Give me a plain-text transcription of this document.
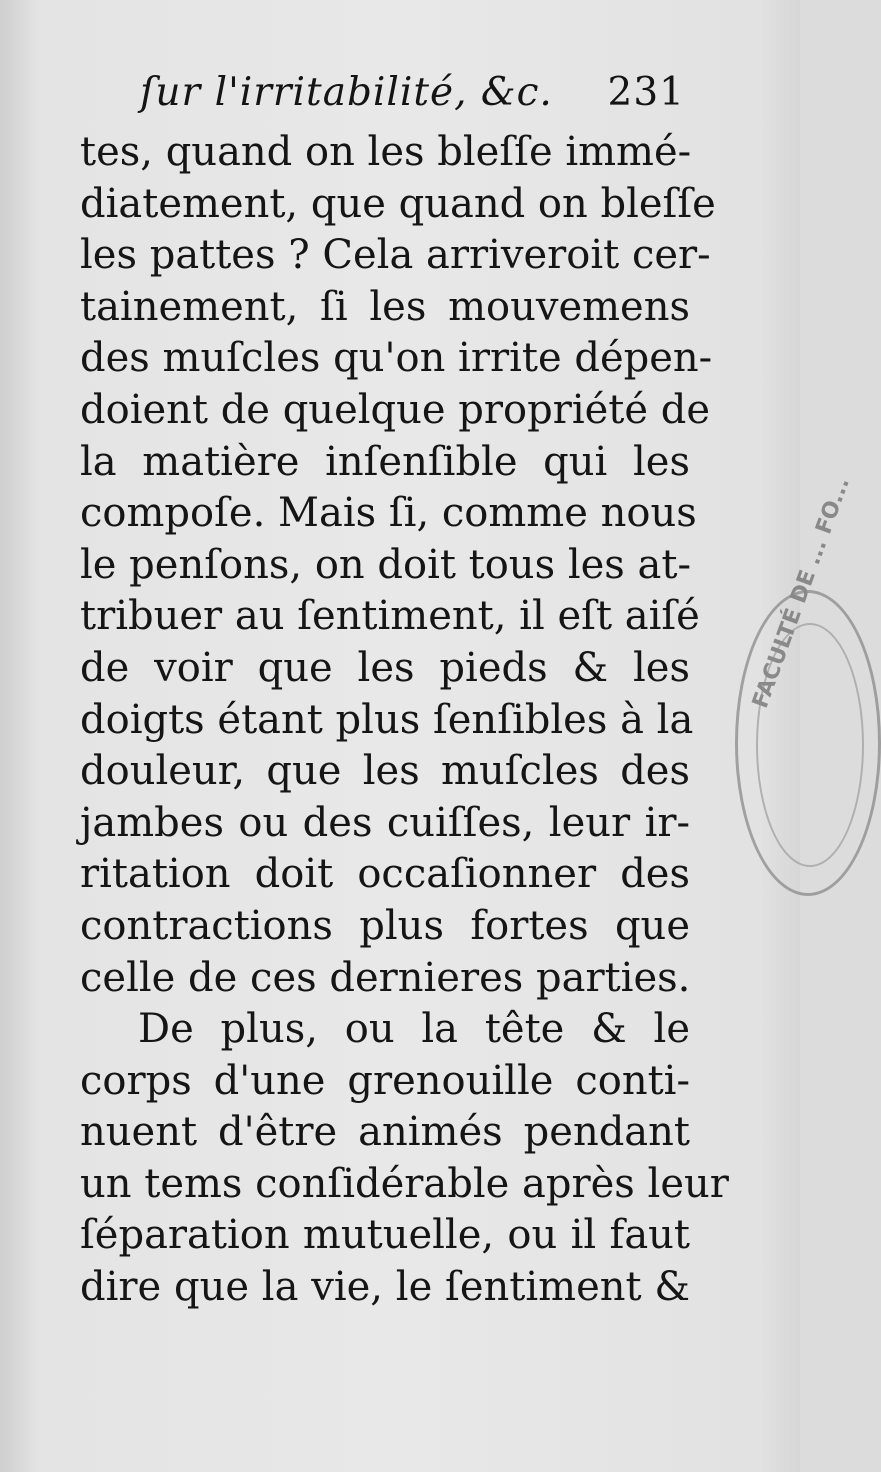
ſur l'irritabilité, &c. 231
tes, quand on les bleſſe immé-
diatement, que quand on bleſſe
les pattes ? Cela arriveroit cer-
tainement, ſi les mouvemens
des muſcles qu'on irrite dépen-
doient de quelque propriété de
la matière inſenſible qui les
compoſe. Mais ſi, comme nous
le penſons, on doit tous les at-
tribuer au ſentiment, il eſt aiſé
de voir que les pieds & les
doigts étant plus ſenſibles à la
douleur, que les muſcles des
jambes ou des cuiſſes, leur ir-
ritation doit occaſionner des
contractions plus fortes que
celle de ces dernieres parties.
De plus, ou la tête & le
corps d'une grenouille conti-
nuent d'être animés pendant
un tems conſidérable après leur
ſéparation mutuelle, ou il faut
dire que la vie, le ſentiment &
FACULTÉ DE ... FO...
